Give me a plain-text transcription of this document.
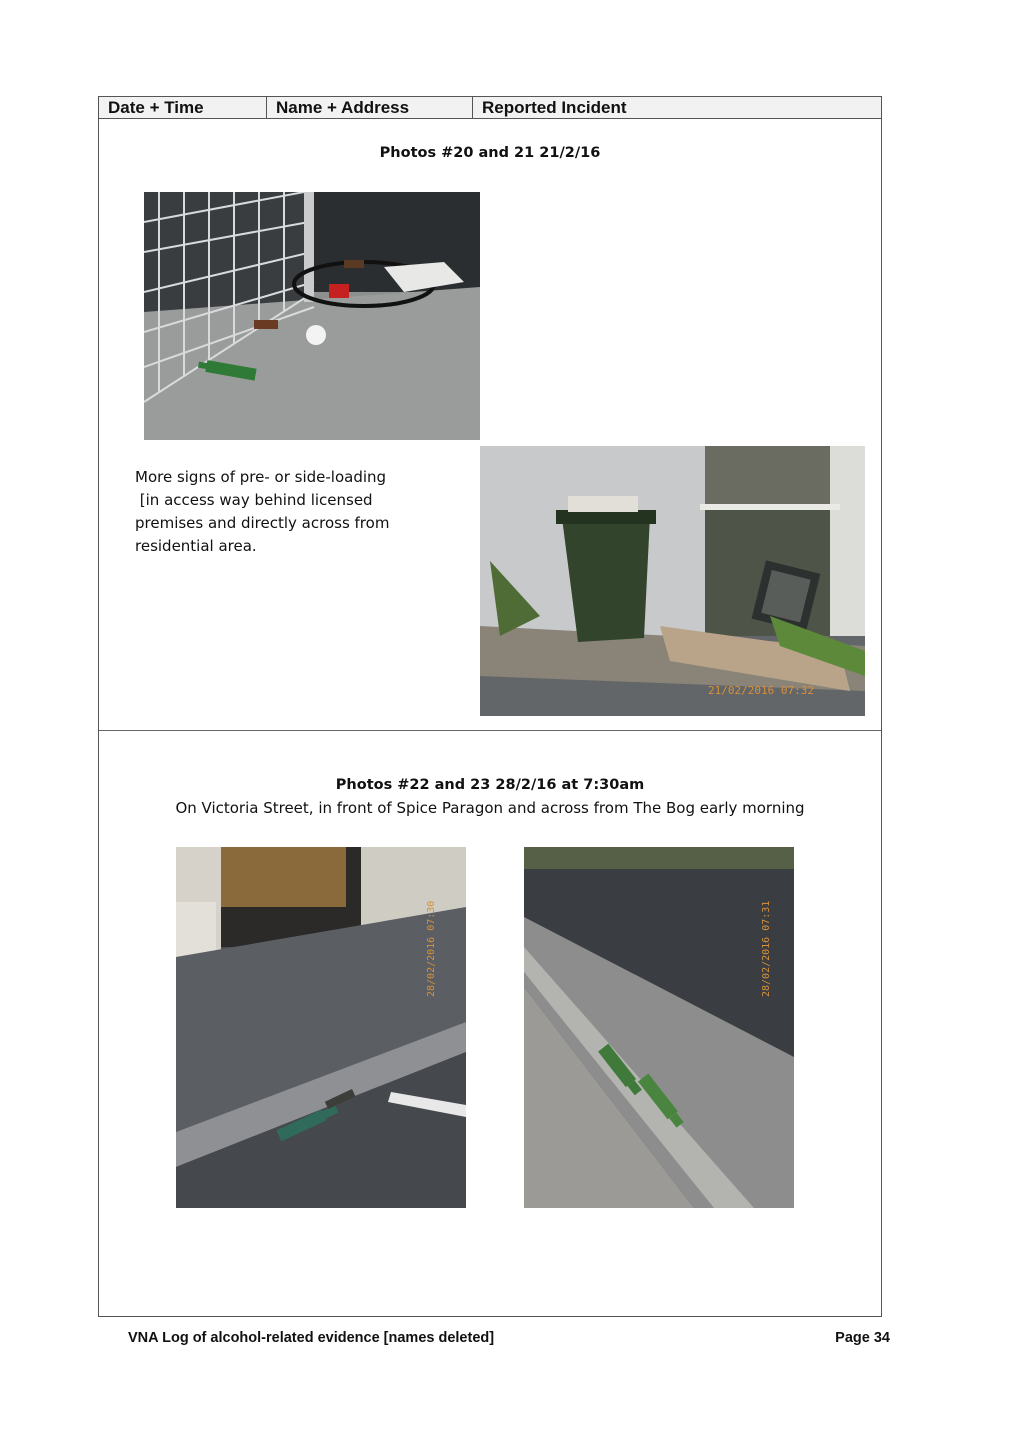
Date + Time	Name + Address	Reported Incident
Photos #20 and 21 21/2/16
More signs of pre- or side-loading
[in access way behind licensed
premises and directly across from
residential area.
21/02/2016 07:32
Photos #22 and 23 28/2/16 at 7:30am
On Victoria Street, in front of Spice Paragon and across from The Bog early morning
28/02/2016 07:30	28/02/2016 07:31
VNA Log of alcohol-related evidence [names deleted]	Page 34
